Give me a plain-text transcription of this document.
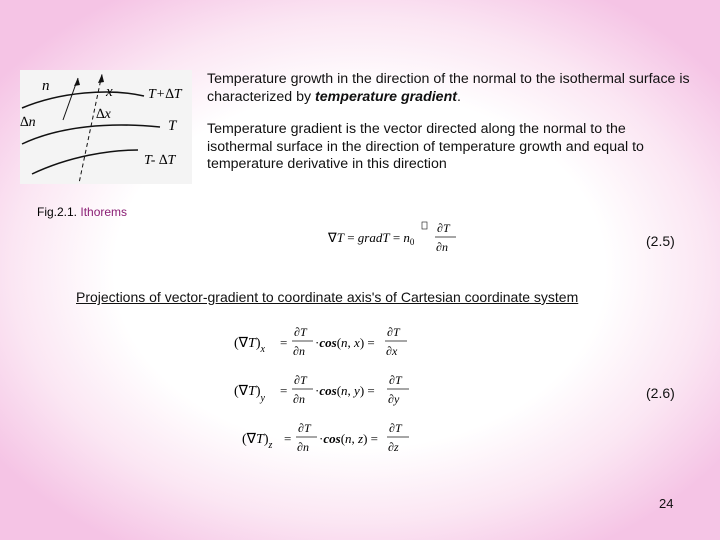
n	x
∆n
∆x
T+∆T
T
T- ∆T

Temperature growth in the direction of the normal to the isothermal surface is characterized by temperature gradient.

Temperature gradient is the vector directed along the normal to the isothermal surface in the direction of temperature growth and equal to temperature derivative in this direction

Fig.2.1. Ithorems
∇T = gradT = $n_0$
∂T
∂n	(2.5)
Projections of vector-gradient to coordinate axis's of Cartesian coordinate system
$(\nabla T)_x$ =
∂T
∂n
·cos(n, x) =
∂T
∂x
$(\nabla T)_y$
=
∂T
∂n
·cos(n, y) =
∂T
∂y	(2.6)
$(\nabla T)_z$ =
∂T
∂n
·cos(n, z) =
∂T
∂z
24
